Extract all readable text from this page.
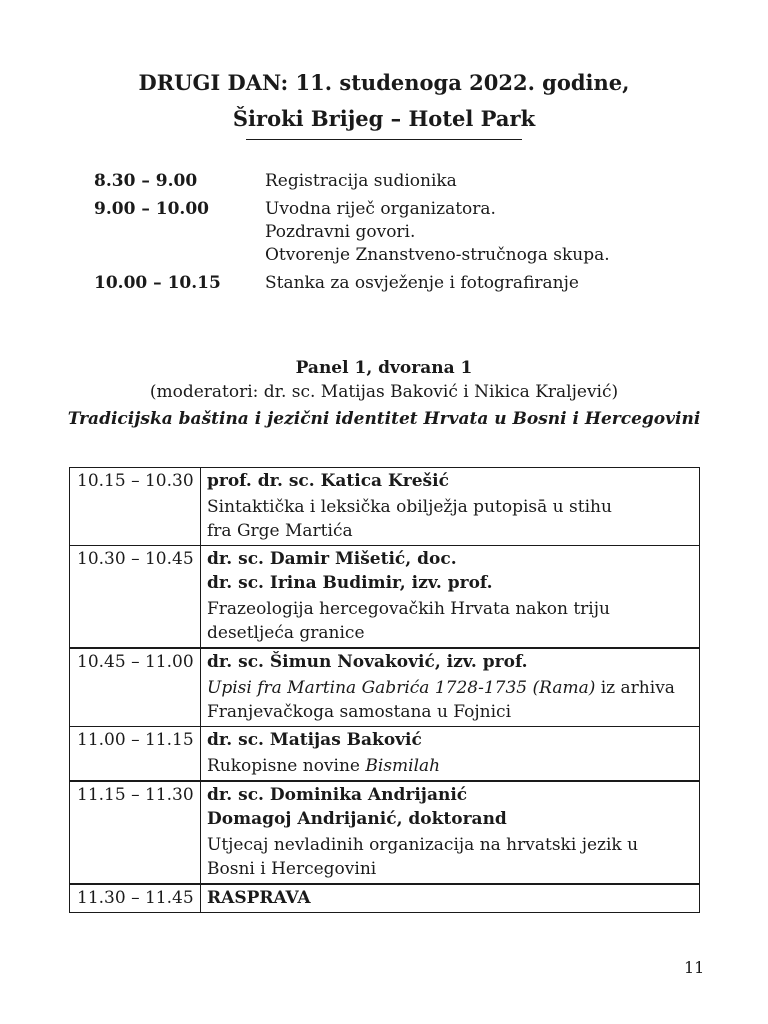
DRUGI DAN: 11. studenoga 2022. godine,
Široki Brijeg – Hotel Park
8.30 – 9.00	Registracija sudionika
9.00 – 10.00	Uvodna riječ organizatora.
Pozdravni govori.
Otvorenje Znanstveno-stručnoga skupa.
10.00 – 10.15	Stanka za osvježenje i fotografiranje
Panel 1, dvorana 1
(moderatori: dr. sc. Matijas Baković i Nikica Kraljević)
Tradicijska baština i jezični identitet Hrvata u Bosni i Hercegovini
10.15 – 10.30	prof. dr. sc. Katica Krešić
Sintaktička i leksička obilježja putopisā u stihu
fra Grge Martića

10.30 – 10.45	dr. sc. Damir Mišetić, doc.
dr. sc. Irina Budimir, izv. prof.
Frazeologija hercegovačkih Hrvata nakon triju
desetljeća granice

10.45 – 11.00	dr. sc. Šimun Novaković, izv. prof.
Upisi fra Martina Gabrića 1728-1735 (Rama) iz arhiva
Franjevačkoga samostana u Fojnici

11.00 – 11.15	dr. sc. Matijas Baković
Rukopisne novine Bismilah

11.15 – 11.30	dr. sc. Dominika Andrijanić
Domagoj Andrijanić, doktorand
Utjecaj nevladinih organizacija na hrvatski jezik u
Bosni i Hercegovini

11.30 – 11.45	RASPRAVA
11
